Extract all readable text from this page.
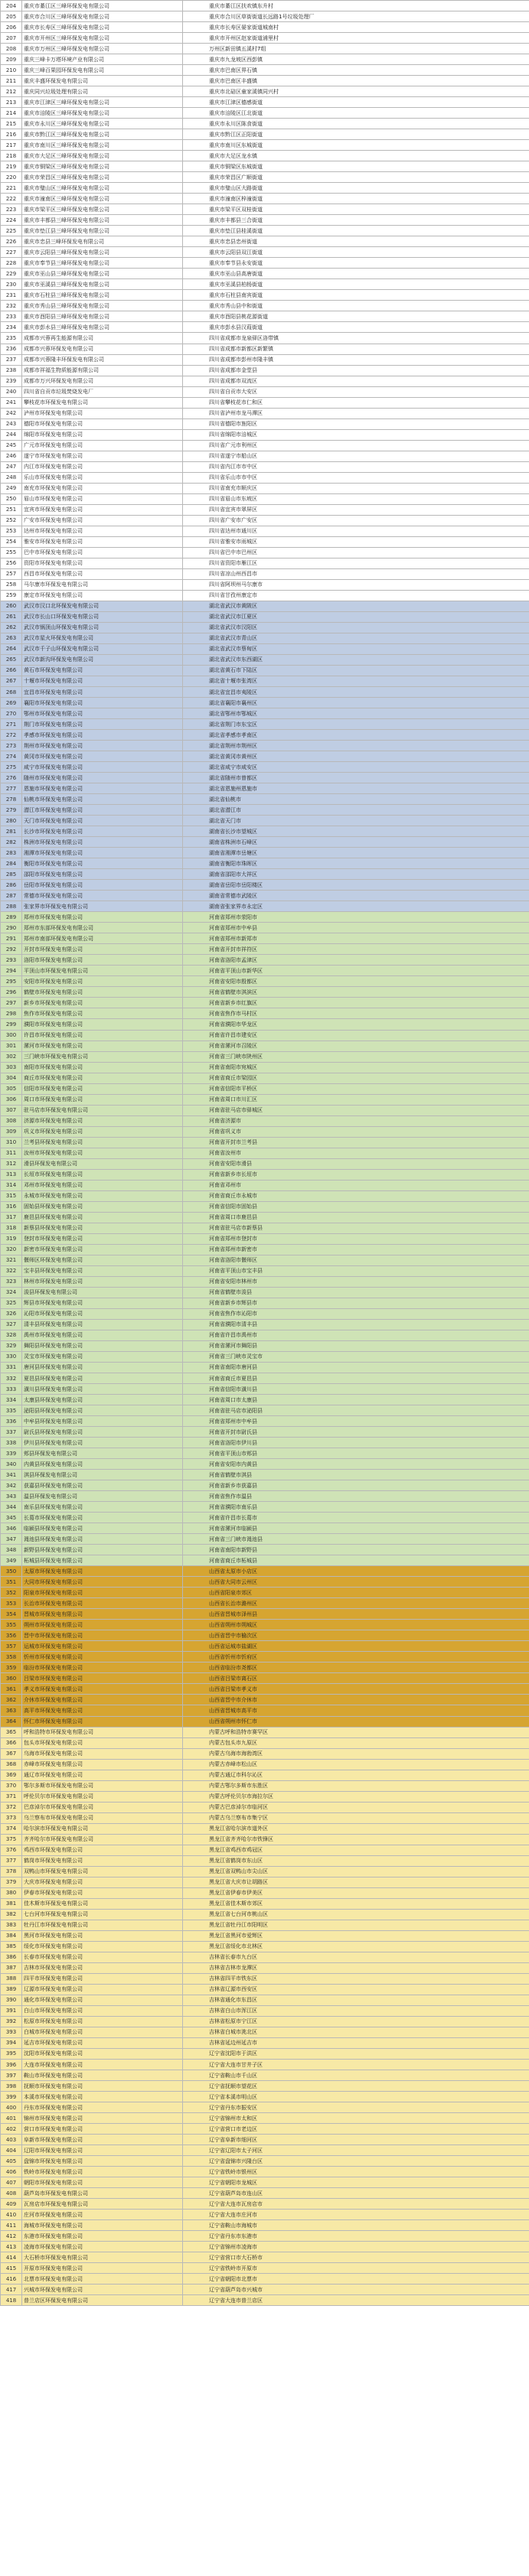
204	重庆市綦江区三峰环保发电有限公司	重庆市綦江区扶欢镇东升村
205	重庆市合川区三峰环保发电有限公司	重庆市合川区草街街道长远路1号垃圾处理厂
206	重庆市长寿区三峰环保发电有限公司	重庆市长寿区晏家街道城南村
207	重庆市开州区三峰环保发电有限公司	重庆市开州区赵家街道浦里村
208	重庆市万州区三峰环保发电有限公司	万州区新田镇五溪村7组
209	重庆三峰卡万塔环境产业有限公司	重庆市九龙坡区西彭镇
210	重庆三峰百果园环保发电有限公司	重庆市巴南区界石镇
211	重庆丰盛环保发电有限公司	重庆市巴南区丰盛镇
212	重庆同兴垃圾处理有限公司	重庆市北碚区童家溪镇同兴村
213	重庆市江津区三峰环保发电有限公司	重庆市江津区德感街道
214	重庆市涪陵区三峰环保发电有限公司	重庆市涪陵区江北街道
215	重庆市永川区三峰环保发电有限公司	重庆市永川区陈食街道
216	重庆市黔江区三峰环保发电有限公司	重庆市黔江区正阳街道
217	重庆市南川区三峰环保发电有限公司	重庆市南川区东城街道
218	重庆市大足区三峰环保发电有限公司	重庆市大足区龙水镇
219	重庆市铜梁区三峰环保发电有限公司	重庆市铜梁区东城街道
220	重庆市荣昌区三峰环保发电有限公司	重庆市荣昌区广顺街道
221	重庆市璧山区三峰环保发电有限公司	重庆市璧山区大路街道
222	重庆市潼南区三峰环保发电有限公司	重庆市潼南区梓潼街道
223	重庆市梁平区三峰环保发电有限公司	重庆市梁平区双桂街道
224	重庆市丰都县三峰环保发电有限公司	重庆市丰都县三合街道
225	重庆市垫江县三峰环保发电有限公司	重庆市垫江县桂溪街道
226	重庆市忠县三峰环保发电有限公司	重庆市忠县忠州街道
227	重庆市云阳县三峰环保发电有限公司	重庆市云阳县双江街道
228	重庆市奉节县三峰环保发电有限公司	重庆市奉节县永安街道
229	重庆市巫山县三峰环保发电有限公司	重庆市巫山县高唐街道
230	重庆市巫溪县三峰环保发电有限公司	重庆市巫溪县柏杨街道
231	重庆市石柱县三峰环保发电有限公司	重庆市石柱县南宾街道
232	重庆市秀山县三峰环保发电有限公司	重庆市秀山县中和街道
233	重庆市酉阳县三峰环保发电有限公司	重庆市酉阳县桃花源街道
234	重庆市彭水县三峰环保发电有限公司	重庆市彭水县汉葭街道
235	成都市兴蓉再生能源有限公司	四川省成都市龙泉驿区洛带镇
236	成都市兴蓉环保发电有限公司	四川省成都市新都区新繁镇
237	成都市兴蓉隆丰环保发电有限公司	四川省成都市彭州市隆丰镇
238	成都市祥福生物质能源有限公司	四川省成都市金堂县
239	成都市万兴环保发电有限公司	四川省成都市双流区
240	四川省自贡市垃圾焚烧发电厂	四川省自贡市大安区
241	攀枝花市环保发电有限公司	四川省攀枝花市仁和区
242	泸州市环保发电有限公司	四川省泸州市龙马潭区
243	德阳市环保发电有限公司	四川省德阳市旌阳区
244	绵阳市环保发电有限公司	四川省绵阳市涪城区
245	广元市环保发电有限公司	四川省广元市利州区
246	遂宁市环保发电有限公司	四川省遂宁市船山区
247	内江市环保发电有限公司	四川省内江市市中区
248	乐山市环保发电有限公司	四川省乐山市市中区
249	南充市环保发电有限公司	四川省南充市顺庆区
250	眉山市环保发电有限公司	四川省眉山市东坡区
251	宜宾市环保发电有限公司	四川省宜宾市翠屏区
252	广安市环保发电有限公司	四川省广安市广安区
253	达州市环保发电有限公司	四川省达州市通川区
254	雅安市环保发电有限公司	四川省雅安市雨城区
255	巴中市环保发电有限公司	四川省巴中市巴州区
256	资阳市环保发电有限公司	四川省资阳市雁江区
257	西昌市环保发电有限公司	四川省凉山州西昌市
258	马尔康市环保发电有限公司	四川省阿坝州马尔康市
259	康定市环保发电有限公司	四川省甘孜州康定市
260	武汉市汉口北环保发电有限公司	湖北省武汉市黄陂区
261	武汉市长山口环保发电有限公司	湖北省武汉市江夏区
262	武汉市锅顶山环保发电有限公司	湖北省武汉市汉阳区
263	武汉市星火环保发电有限公司	湖北省武汉市青山区
264	武汉市千子山环保发电有限公司	湖北省武汉市蔡甸区
265	武汉市新沟环保发电有限公司	湖北省武汉市东西湖区
266	黄石市环保发电有限公司	湖北省黄石市下陆区
267	十堰市环保发电有限公司	湖北省十堰市张湾区
268	宜昌市环保发电有限公司	湖北省宜昌市夷陵区
269	襄阳市环保发电有限公司	湖北省襄阳市襄州区
270	鄂州市环保发电有限公司	湖北省鄂州市鄂城区
271	荆门市环保发电有限公司	湖北省荆门市东宝区
272	孝感市环保发电有限公司	湖北省孝感市孝南区
273	荆州市环保发电有限公司	湖北省荆州市荆州区
274	黄冈市环保发电有限公司	湖北省黄冈市黄州区
275	咸宁市环保发电有限公司	湖北省咸宁市咸安区
276	随州市环保发电有限公司	湖北省随州市曾都区
277	恩施市环保发电有限公司	湖北省恩施州恩施市
278	仙桃市环保发电有限公司	湖北省仙桃市
279	潜江市环保发电有限公司	湖北省潜江市
280	天门市环保发电有限公司	湖北省天门市
281	长沙市环保发电有限公司	湖南省长沙市望城区
282	株洲市环保发电有限公司	湖南省株洲市石峰区
283	湘潭市环保发电有限公司	湖南省湘潭市岳塘区
284	衡阳市环保发电有限公司	湖南省衡阳市珠晖区
285	邵阳市环保发电有限公司	湖南省邵阳市大祥区
286	岳阳市环保发电有限公司	湖南省岳阳市岳阳楼区
287	常德市环保发电有限公司	湖南省常德市武陵区
288	张家界市环保发电有限公司	湖南省张家界市永定区
289	郑州市环保发电有限公司	河南省郑州市荥阳市
290	郑州市东部环保发电有限公司	河南省郑州市中牟县
291	郑州市南部环保发电有限公司	河南省郑州市新郑市
292	开封市环保发电有限公司	河南省开封市祥符区
293	洛阳市环保发电有限公司	河南省洛阳市孟津区
294	平顶山市环保发电有限公司	河南省平顶山市新华区
295	安阳市环保发电有限公司	河南省安阳市殷都区
296	鹤壁市环保发电有限公司	河南省鹤壁市淇滨区
297	新乡市环保发电有限公司	河南省新乡市红旗区
298	焦作市环保发电有限公司	河南省焦作市马村区
299	濮阳市环保发电有限公司	河南省濮阳市华龙区
300	许昌市环保发电有限公司	河南省许昌市建安区
301	漯河市环保发电有限公司	河南省漯河市召陵区
302	三门峡市环保发电有限公司	河南省三门峡市陕州区
303	南阳市环保发电有限公司	河南省南阳市宛城区
304	商丘市环保发电有限公司	河南省商丘市梁园区
305	信阳市环保发电有限公司	河南省信阳市平桥区
306	周口市环保发电有限公司	河南省周口市川汇区
307	驻马店市环保发电有限公司	河南省驻马店市驿城区
308	济源市环保发电有限公司	河南省济源市
309	巩义市环保发电有限公司	河南省巩义市
310	兰考县环保发电有限公司	河南省开封市兰考县
311	汝州市环保发电有限公司	河南省汝州市
312	滑县环保发电有限公司	河南省安阳市滑县
313	长垣市环保发电有限公司	河南省新乡市长垣市
314	邓州市环保发电有限公司	河南省邓州市
315	永城市环保发电有限公司	河南省商丘市永城市
316	固始县环保发电有限公司	河南省信阳市固始县
317	鹿邑县环保发电有限公司	河南省周口市鹿邑县
318	新蔡县环保发电有限公司	河南省驻马店市新蔡县
319	登封市环保发电有限公司	河南省郑州市登封市
320	新密市环保发电有限公司	河南省郑州市新密市
321	偃师区环保发电有限公司	河南省洛阳市偃师区
322	宝丰县环保发电有限公司	河南省平顶山市宝丰县
323	林州市环保发电有限公司	河南省安阳市林州市
324	浚县环保发电有限公司	河南省鹤壁市浚县
325	辉县市环保发电有限公司	河南省新乡市辉县市
326	沁阳市环保发电有限公司	河南省焦作市沁阳市
327	清丰县环保发电有限公司	河南省濮阳市清丰县
328	禹州市环保发电有限公司	河南省许昌市禹州市
329	舞阳县环保发电有限公司	河南省漯河市舞阳县
330	灵宝市环保发电有限公司	河南省三门峡市灵宝市
331	唐河县环保发电有限公司	河南省南阳市唐河县
332	夏邑县环保发电有限公司	河南省商丘市夏邑县
333	潢川县环保发电有限公司	河南省信阳市潢川县
334	太康县环保发电有限公司	河南省周口市太康县
335	泌阳县环保发电有限公司	河南省驻马店市泌阳县
336	中牟县环保发电有限公司	河南省郑州市中牟县
337	尉氏县环保发电有限公司	河南省开封市尉氏县
338	伊川县环保发电有限公司	河南省洛阳市伊川县
339	郏县环保发电有限公司	河南省平顶山市郏县
340	内黄县环保发电有限公司	河南省安阳市内黄县
341	淇县环保发电有限公司	河南省鹤壁市淇县
342	获嘉县环保发电有限公司	河南省新乡市获嘉县
343	温县环保发电有限公司	河南省焦作市温县
344	南乐县环保发电有限公司	河南省濮阳市南乐县
345	长葛市环保发电有限公司	河南省许昌市长葛市
346	临颍县环保发电有限公司	河南省漯河市临颍县
347	渑池县环保发电有限公司	河南省三门峡市渑池县
348	新野县环保发电有限公司	河南省南阳市新野县
349	柘城县环保发电有限公司	河南省商丘市柘城县
350	太原市环保发电有限公司	山西省太原市小店区
351	大同市环保发电有限公司	山西省大同市云州区
352	阳泉市环保发电有限公司	山西省阳泉市郊区
353	长治市环保发电有限公司	山西省长治市潞州区
354	晋城市环保发电有限公司	山西省晋城市泽州县
355	朔州市环保发电有限公司	山西省朔州市朔城区
356	晋中市环保发电有限公司	山西省晋中市榆次区
357	运城市环保发电有限公司	山西省运城市盐湖区
358	忻州市环保发电有限公司	山西省忻州市忻府区
359	临汾市环保发电有限公司	山西省临汾市尧都区
360	吕梁市环保发电有限公司	山西省吕梁市离石区
361	孝义市环保发电有限公司	山西省吕梁市孝义市
362	介休市环保发电有限公司	山西省晋中市介休市
363	高平市环保发电有限公司	山西省晋城市高平市
364	怀仁市环保发电有限公司	山西省朔州市怀仁市
365	呼和浩特市环保发电有限公司	内蒙古呼和浩特市赛罕区
366	包头市环保发电有限公司	内蒙古包头市九原区
367	乌海市环保发电有限公司	内蒙古乌海市海勃湾区
368	赤峰市环保发电有限公司	内蒙古赤峰市松山区
369	通辽市环保发电有限公司	内蒙古通辽市科尔沁区
370	鄂尔多斯市环保发电有限公司	内蒙古鄂尔多斯市东胜区
371	呼伦贝尔市环保发电有限公司	内蒙古呼伦贝尔市海拉尔区
372	巴彦淖尔市环保发电有限公司	内蒙古巴彦淖尔市临河区
373	乌兰察布市环保发电有限公司	内蒙古乌兰察布市集宁区
374	哈尔滨市环保发电有限公司	黑龙江省哈尔滨市道外区
375	齐齐哈尔市环保发电有限公司	黑龙江省齐齐哈尔市铁锋区
376	鸡西市环保发电有限公司	黑龙江省鸡西市鸡冠区
377	鹤岗市环保发电有限公司	黑龙江省鹤岗市东山区
378	双鸭山市环保发电有限公司	黑龙江省双鸭山市尖山区
379	大庆市环保发电有限公司	黑龙江省大庆市让胡路区
380	伊春市环保发电有限公司	黑龙江省伊春市伊美区
381	佳木斯市环保发电有限公司	黑龙江省佳木斯市郊区
382	七台河市环保发电有限公司	黑龙江省七台河市桃山区
383	牡丹江市环保发电有限公司	黑龙江省牡丹江市阳明区
384	黑河市环保发电有限公司	黑龙江省黑河市爱辉区
385	绥化市环保发电有限公司	黑龙江省绥化市北林区
386	长春市环保发电有限公司	吉林省长春市九台区
387	吉林市环保发电有限公司	吉林省吉林市龙潭区
388	四平市环保发电有限公司	吉林省四平市铁东区
389	辽源市环保发电有限公司	吉林省辽源市西安区
390	通化市环保发电有限公司	吉林省通化市东昌区
391	白山市环保发电有限公司	吉林省白山市浑江区
392	松原市环保发电有限公司	吉林省松原市宁江区
393	白城市环保发电有限公司	吉林省白城市洮北区
394	延吉市环保发电有限公司	吉林省延边州延吉市
395	沈阳市环保发电有限公司	辽宁省沈阳市于洪区
396	大连市环保发电有限公司	辽宁省大连市甘井子区
397	鞍山市环保发电有限公司	辽宁省鞍山市千山区
398	抚顺市环保发电有限公司	辽宁省抚顺市望花区
399	本溪市环保发电有限公司	辽宁省本溪市明山区
400	丹东市环保发电有限公司	辽宁省丹东市振安区
401	锦州市环保发电有限公司	辽宁省锦州市太和区
402	营口市环保发电有限公司	辽宁省营口市老边区
403	阜新市环保发电有限公司	辽宁省阜新市细河区
404	辽阳市环保发电有限公司	辽宁省辽阳市太子河区
405	盘锦市环保发电有限公司	辽宁省盘锦市兴隆台区
406	铁岭市环保发电有限公司	辽宁省铁岭市银州区
407	朝阳市环保发电有限公司	辽宁省朝阳市龙城区
408	葫芦岛市环保发电有限公司	辽宁省葫芦岛市连山区
409	瓦房店市环保发电有限公司	辽宁省大连市瓦房店市
410	庄河市环保发电有限公司	辽宁省大连市庄河市
411	海城市环保发电有限公司	辽宁省鞍山市海城市
412	东港市环保发电有限公司	辽宁省丹东市东港市
413	凌海市环保发电有限公司	辽宁省锦州市凌海市
414	大石桥市环保发电有限公司	辽宁省营口市大石桥市
415	开原市环保发电有限公司	辽宁省铁岭市开原市
416	北票市环保发电有限公司	辽宁省朝阳市北票市
417	兴城市环保发电有限公司	辽宁省葫芦岛市兴城市
418	普兰店区环保发电有限公司	辽宁省大连市普兰店区
